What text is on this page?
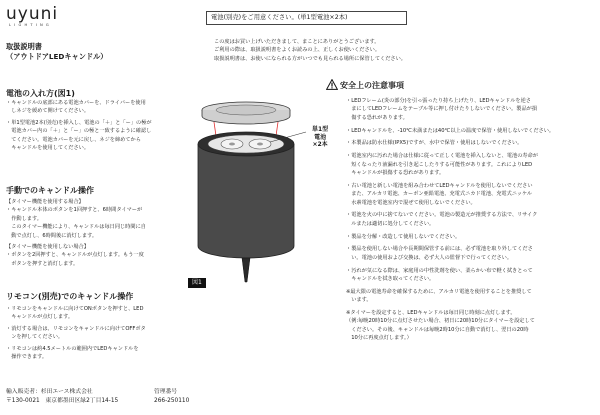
uyuni
LIGHTING
取扱説明書
（アウトドアLEDキャンドル）
電池(別売)をご用意ください。(単1型電池×2本)
この度はお買い上げいただきまして、まことにありがとうございます。
ご利用の際は、取扱説明書をよくお読みの上、正しくお使いください。
取扱説明書は、お使いになられる方がいつでも見られる場所に保管してください。
電池の入れ方(図1)
・キャンドルの底部にある電池カバーを、ドライバーを使用
　しネジを緩めて開けてください。
・単1型電池2本(別売)を挿入し、電池の「＋」と「ー」の極が
　電池カバー内の「＋」と「ー」の極と一致するように確認し
　てください。電池カバーを元に戻し、ネジを締めてから
　キャンドルを使用してください。
手動でのキャンドル操作
【タイマー機能を使用する場合】
・キャンドル本体のボタンを1回押すと、6時間タイマーが
　作動します。
　このタイマー機能により、キャンドルは毎日同じ時間に自
　動で点灯し、6時間後に消灯します。
【タイマー機能を使用しない場合】
・ボタンを2回押すと、キャンドルが点灯します。もう一度
　ボタンを押すと消灯します。
リモコン(別売)でのキャンドル操作
・リモコンをキャンドルに向けてONボタンを押すと、LED
　キャンドルが点灯します。
・消灯する場合は、リモコンをキャンドルに向けてOFFボタ
　ンを押してください。
・リモコンは約4.5メートルの範囲内でLEDキャンドルを
　操作できます。
輸入販売者：杉田エース株式会社
〒130-0021　東京都墨田区緑2丁目14-15
管理番号
266-250110
単1型
電池
×2本
図1
安全上の注意事項

・LEDフレーム(炎の部分)を引っ張ったり持ち上げたり、LEDキャンドルを逆さ
　まにしてLEDフレームをテーブル等に押し付けたりしないでください。製品が損
　傷する恐れがあります。

・LEDキャンドルを、-10℃未満または40℃以上の温度で保管・使用しないでください。

・本製品は防水仕様(IPX5)ですが、水中で保管・使用はしないでください。

・電池室内に汚れた場合は仕様に従って正しく電池を挿入しないと、電池の寿命が
　短くなったり液漏れを引き起こしたりする可能性があります。これによりLED
　キャンドルが損傷する恐れがあります。

・古い電池と新しい電池を組み合わせてLEDキャンドルを使用しないでください
　また、アルカリ電池、カーボン亜鉛電池、充電式ニカド電池、充電式ニッケル
　水素電池を電池室内で混ぜて使用しないでください。

・電池を火の中に捨てないでください。電池の製造元が推奨する方法で、リサイク
　ルまたは適切に処分してください。

・製品を分解・改造して使用しないでください。

・製品を使用しない場合や長期間保管する前には、必ず電池を取り外してくださ
　い。電池の使用および交換は、必ず大人の監督下で行ってください。

・汚れが気になる際は、家庭用の中性洗剤を使い、柔らかい布で軽く拭きとって
　キャンドルを拭き取ってください。

※最大限の電池寿命を確保するために、アルカリ電池を使用することを推奨して
　います。

※タイマーを設定すると、LEDキャンドルは毎日同じ時刻に点灯します。
（例:毎晩20時10分に点灯させたい場合、初日に20時10分にタイマーを設定して
　ください。その後、キャンドルは毎晩2時10分に自動で消灯し、翌日の20時
　10分に再度点灯します。）
